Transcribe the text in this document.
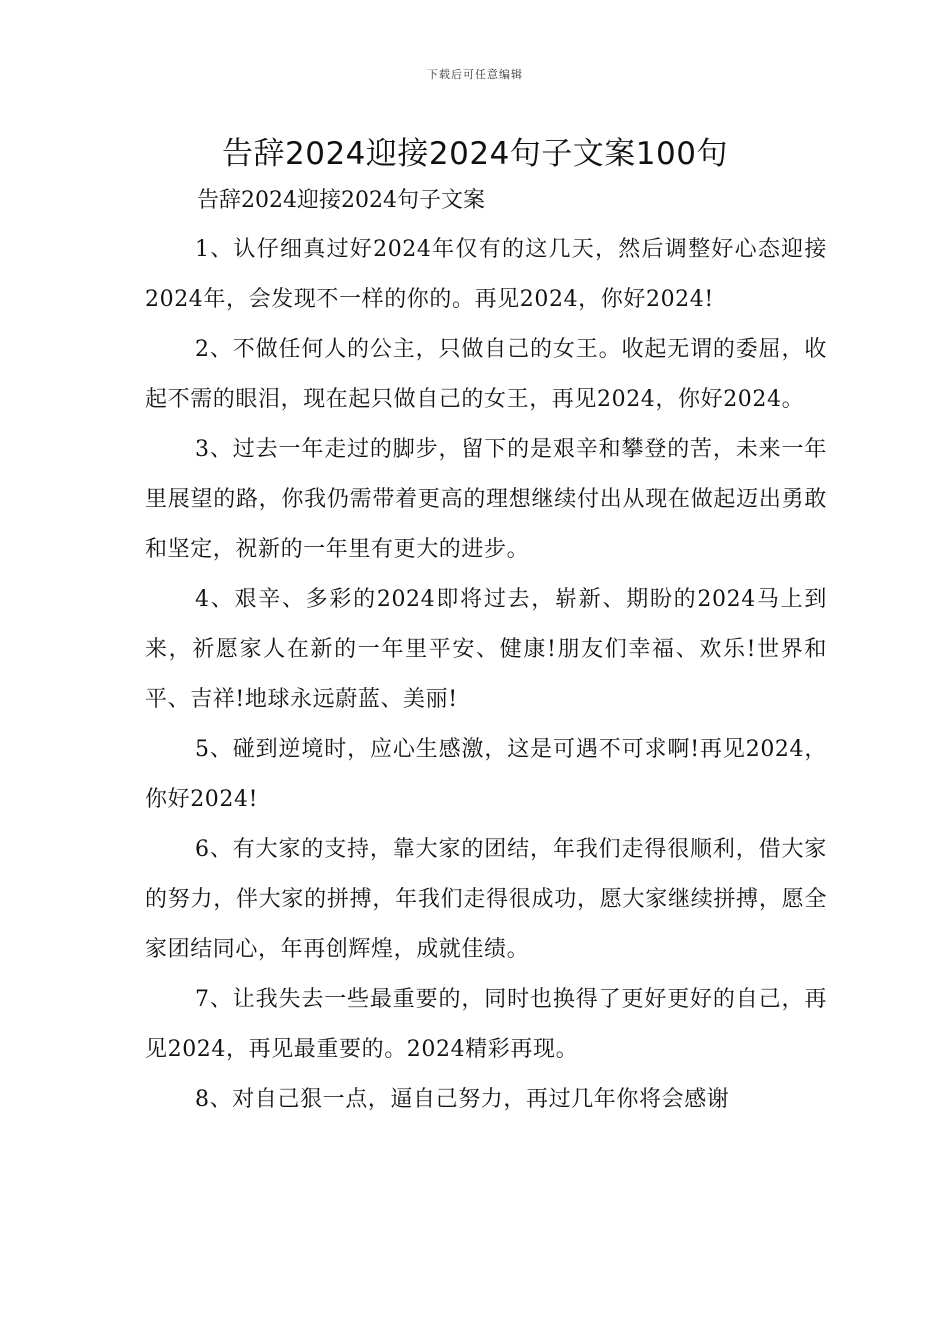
下载后可任意编辑
告辞2024迎接2024句子文案100句

告辞2024迎接2024句子文案

1、认仔细真过好2024年仅有的这几天，然后调整好心态迎接2024年，会发现不一样的你的。再见2024，你好2024!

2、不做任何人的公主，只做自己的女王。收起无谓的委屈，收起不需的眼泪，现在起只做自己的女王，再见2024，你好2024。

3、过去一年走过的脚步，留下的是艰辛和攀登的苦，未来一年里展望的路，你我仍需带着更高的理想继续付出从现在做起迈出勇敢和坚定，祝新的一年里有更大的进步。

4、艰辛、多彩的2024即将过去，崭新、期盼的2024马上到来，祈愿家人在新的一年里平安、健康!朋友们幸福、欢乐!世界和平、吉祥!地球永远蔚蓝、美丽!

5、碰到逆境时，应心生感激，这是可遇不可求啊!再见2024，你好2024!

6、有大家的支持，靠大家的团结，年我们走得很顺利，借大家的努力，伴大家的拼搏，年我们走得很成功，愿大家继续拼搏，愿全家团结同心，年再创辉煌，成就佳绩。

7、让我失去一些最重要的，同时也换得了更好更好的自己，再见2024，再见最重要的。2024精彩再现。

8、对自己狠一点，逼自己努力，再过几年你将会感谢
